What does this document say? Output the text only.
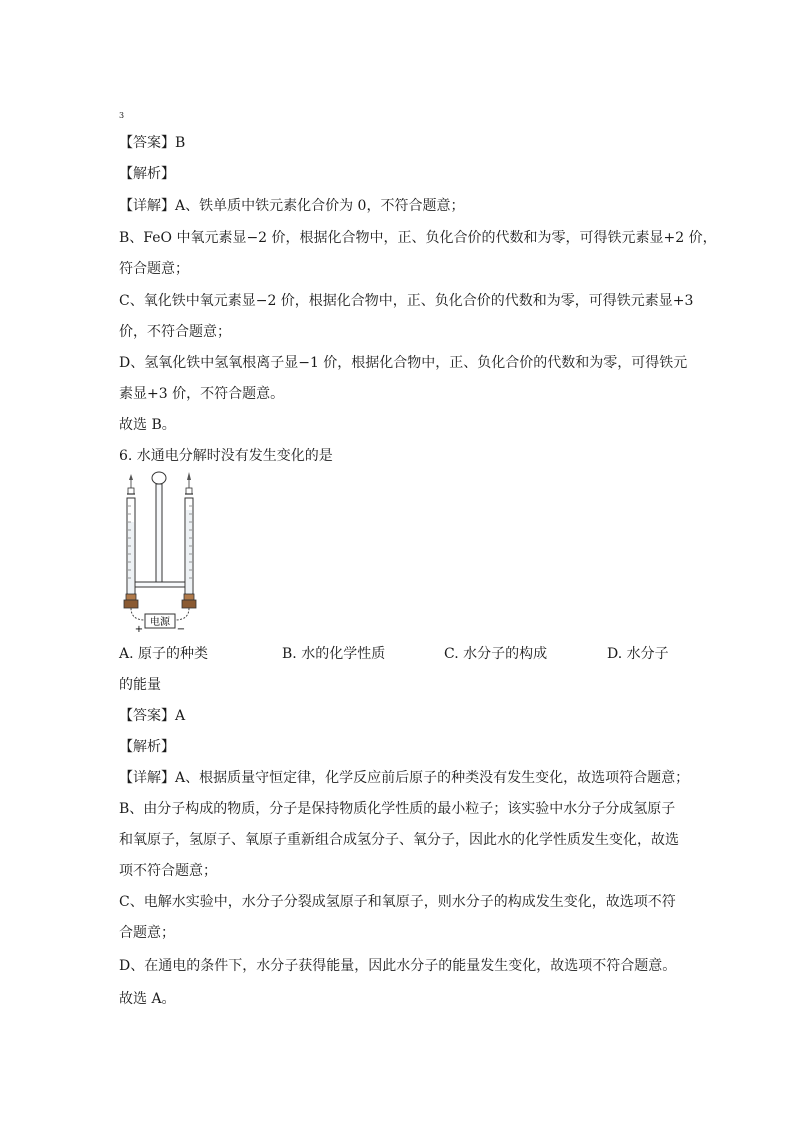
3
【答案】B
【解析】
【详解】A、铁单质中铁元素化合价为 0，不符合题意；
B、FeO 中氧元素显−2 价，根据化合物中，正、负化合价的代数和为零，可得铁元素显+2 价，
符合题意；
C、氧化铁中氧元素显−2 价，根据化合物中，正、负化合价的代数和为零，可得铁元素显+3
价，不符合题意；
D、氢氧化铁中氢氧根离子显−1 价，根据化合物中，正、负化合价的代数和为零，可得铁元
素显+3 价，不符合题意。
故选 B。
6. 水通电分解时没有发生变化的是
电源
+	−
A. 原子的种类	B. 水的化学性质	C. 水分子的构成	D. 水分子
的能量
【答案】A
【解析】
【详解】A、根据质量守恒定律，化学反应前后原子的种类没有发生变化，故选项符合题意；
B、由分子构成的物质，分子是保持物质化学性质的最小粒子；该实验中水分子分成氢原子
和氧原子，氢原子、氧原子重新组合成氢分子、氧分子，因此水的化学性质发生变化，故选
项不符合题意；
C、电解水实验中，水分子分裂成氢原子和氧原子，则水分子的构成发生变化，故选项不符
合题意；
D、在通电的条件下，水分子获得能量，因此水分子的能量发生变化，故选项不符合题意。
故选 A。
